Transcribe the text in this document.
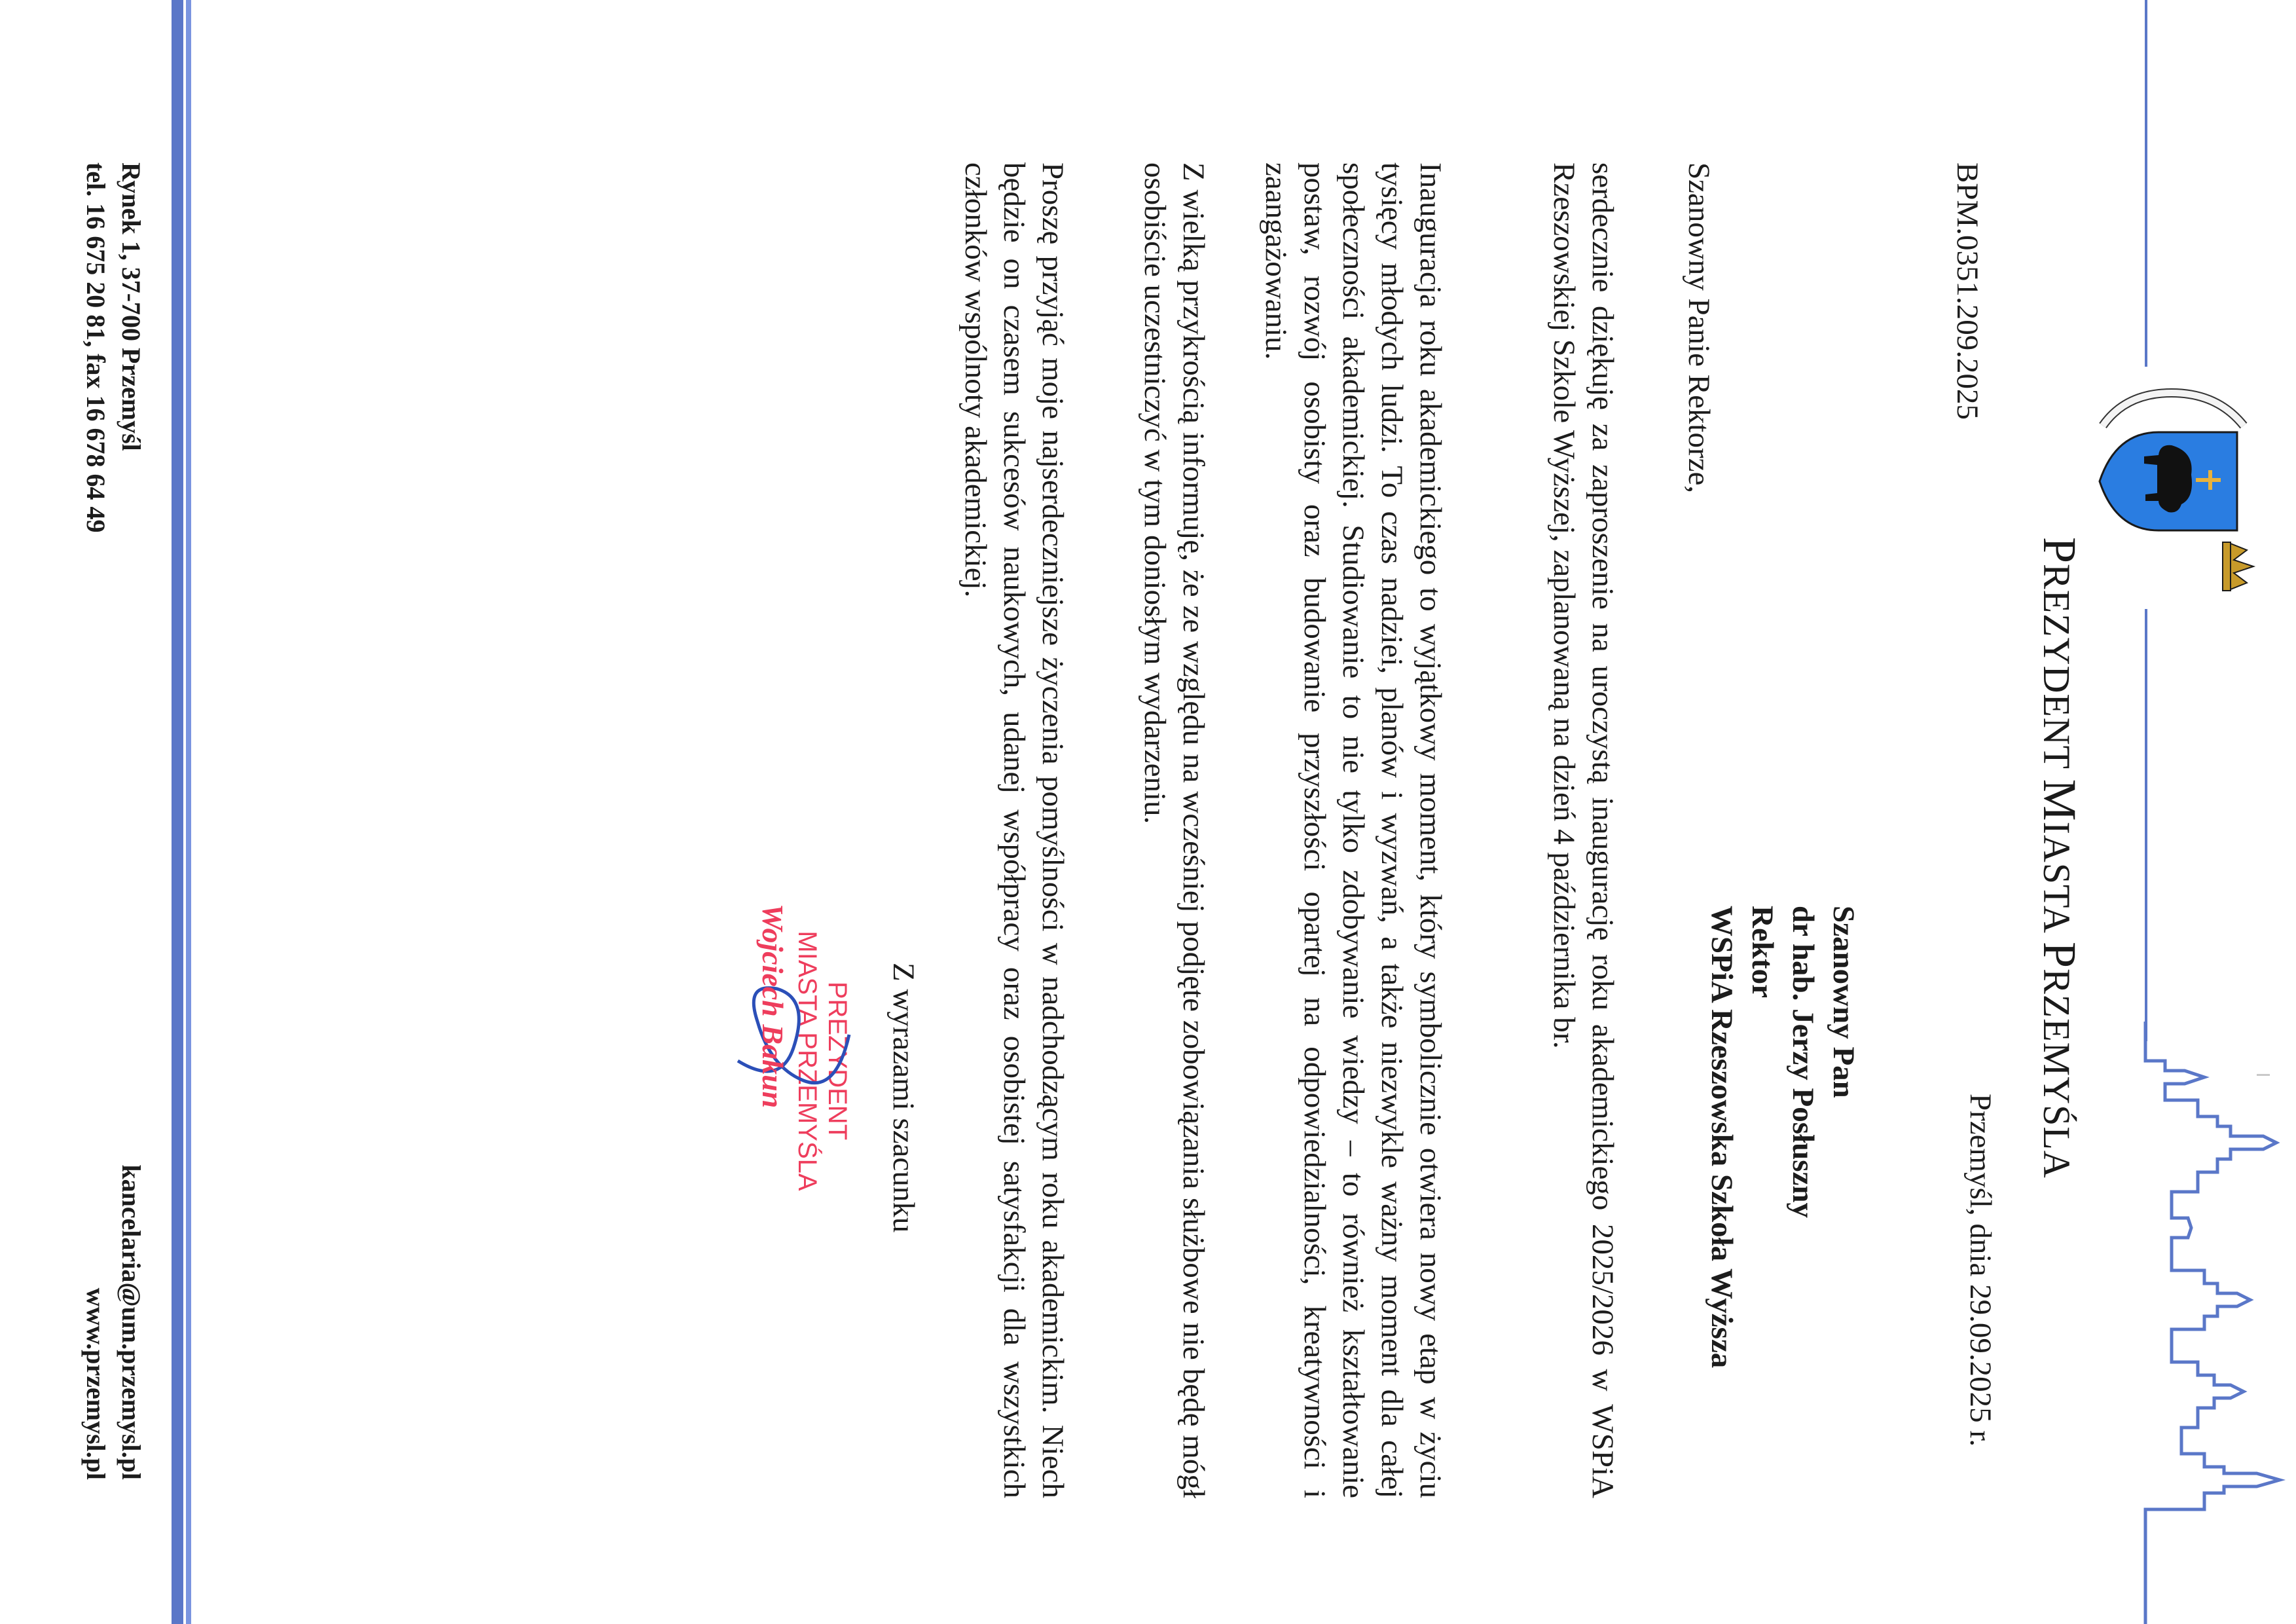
PREZYDENT MIASTA PRZEMYŚLA
Przemyśl, dnia 29.09.2025 r.
BPM.0351.209.2025
Szanowny Pan
dr hab. Jerzy Posłuszny
Rektor
WSPiA Rzeszowska Szkoła Wyższa
Szanowny Panie Rektorze,
serdecznie dziękuję za zaproszenie na uroczystą inaugurację roku akademickiego 2025/2026 w WSPiA Rzeszowskiej Szkole Wyższej, zaplanowaną na dzień 4 października br.
Inauguracja roku akademickiego to wyjątkowy moment, który symbolicznie otwiera nowy etap w życiu tysięcy młodych ludzi. To czas nadziei, planów i wyzwań, a także niezwykle ważny moment dla całej społeczności akademickiej. Studiowanie to nie tylko zdobywanie wiedzy – to również kształtowanie postaw, rozwój osobisty oraz budowanie przyszłości opartej na odpowiedzialności, kreatywności i zaangażowaniu.
Z wielką przykrością informuję, że ze względu na wcześniej podjęte zobowiązania służbowe nie będę mógł osobiście uczestniczyć w tym doniosłym wydarzeniu.
Proszę przyjąć moje najserdeczniejsze życzenia pomyślności w nadchodzącym roku akademickim. Niech będzie on czasem sukcesów naukowych, udanej współpracy oraz osobistej satysfakcji dla wszystkich członków wspólnoty akademickiej.
Z wyrazami szacunku
PREZYDENT
MIASTA PRZEMYŚLA
Wojciech Bakun
Rynek 1, 37-700 Przemyśl
tel. 16 675 20 81, fax 16 678 64 49
kancelaria@um.przemysl.pl
www.przemysl.pl
